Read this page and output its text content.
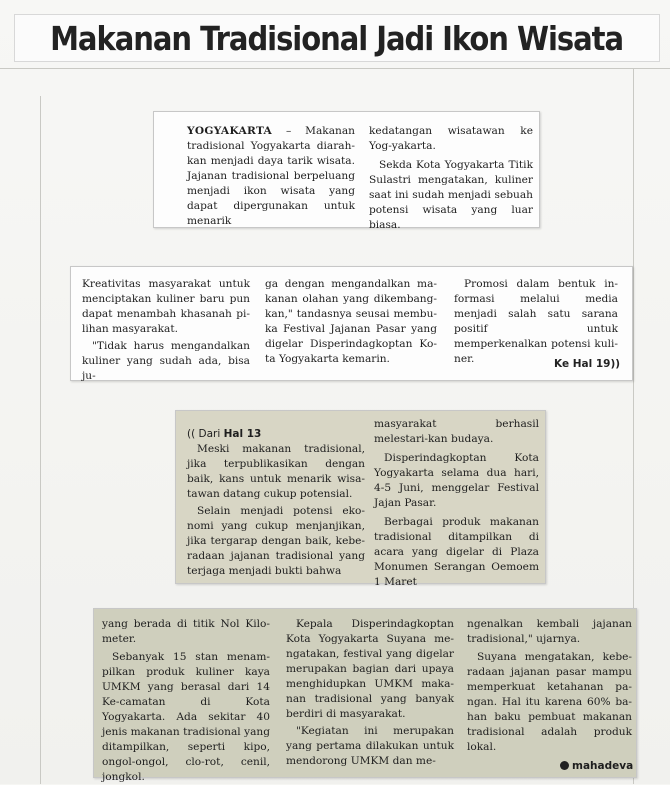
Makanan Tradisional Jadi Ikon Wisata

YOGYAKARTA – Makanan tradisional Yogyakarta diarah-kan menjadi daya tarik wisata. Jajanan tradisional berpeluang menjadi ikon wisata yang dapat dipergunakan untuk menarik

kedatangan wisatawan ke Yog-yakarta.

Sekda Kota Yogyakarta Titik Sulastri mengatakan, kuliner saat ini sudah menjadi sebuah potensi wisata yang luar biasa.

Kreativitas masyarakat untuk menciptakan kuliner baru pun dapat menambah khasanah pi-lihan masyarakat.

"Tidak harus mengandalkan kuliner yang sudah ada, bisa ju-

ga dengan mengandalkan ma-kanan olahan yang dikembang-kan," tandasnya seusai membu-ka Festival Jajanan Pasar yang digelar Disperindagkoptan Ko-ta Yogyakarta kemarin.

Promosi dalam bentuk in-formasi melalui media menjadi salah satu sarana positif untuk memperkenalkan potensi kuli-ner.	Ke Hal 19))
(( Dari Hal 13

Meski makanan tradisional, jika terpublikasikan dengan baik, kans untuk menarik wisa-tawan datang cukup potensial.

Selain menjadi potensi eko-nomi yang cukup menjanjikan, jika tergarap dengan baik, kebe-radaan jajanan tradisional yang terjaga menjadi bukti bahwa

masyarakat berhasil melestari-kan budaya.

Disperindagkoptan Kota Yogyakarta selama dua hari, 4-5 Juni, menggelar Festival Jajan Pasar.

Berbagai produk makanan tradisional ditampilkan di acara yang digelar di Plaza Monumen Serangan Oemoem 1 Maret

yang berada di titik Nol Kilo-meter.

Sebanyak 15 stan menam-pilkan produk kuliner kaya UMKM yang berasal dari 14 Ke-camatan di Kota Yogyakarta. Ada sekitar 40 jenis makanan tradisional yang ditampilkan, seperti kipo, ongol-ongol, clo-rot, cenil, jongkol.

Kepala Disperindagkoptan Kota Yogyakarta Suyana me-ngatakan, festival yang digelar merupakan bagian dari upaya menghidupkan UMKM maka-nan tradisional yang banyak berdiri di masyarakat.

"Kegiatan ini merupakan yang pertama dilakukan untuk mendorong UMKM dan me-

ngenalkan kembali jajanan tradisional," ujarnya.

Suyana mengatakan, kebe-radaan jajanan pasar mampu memperkuat ketahanan pa-ngan. Hal itu karena 60% ba-han baku pembuat makanan tradisional adalah produk lokal.

mahadeva
